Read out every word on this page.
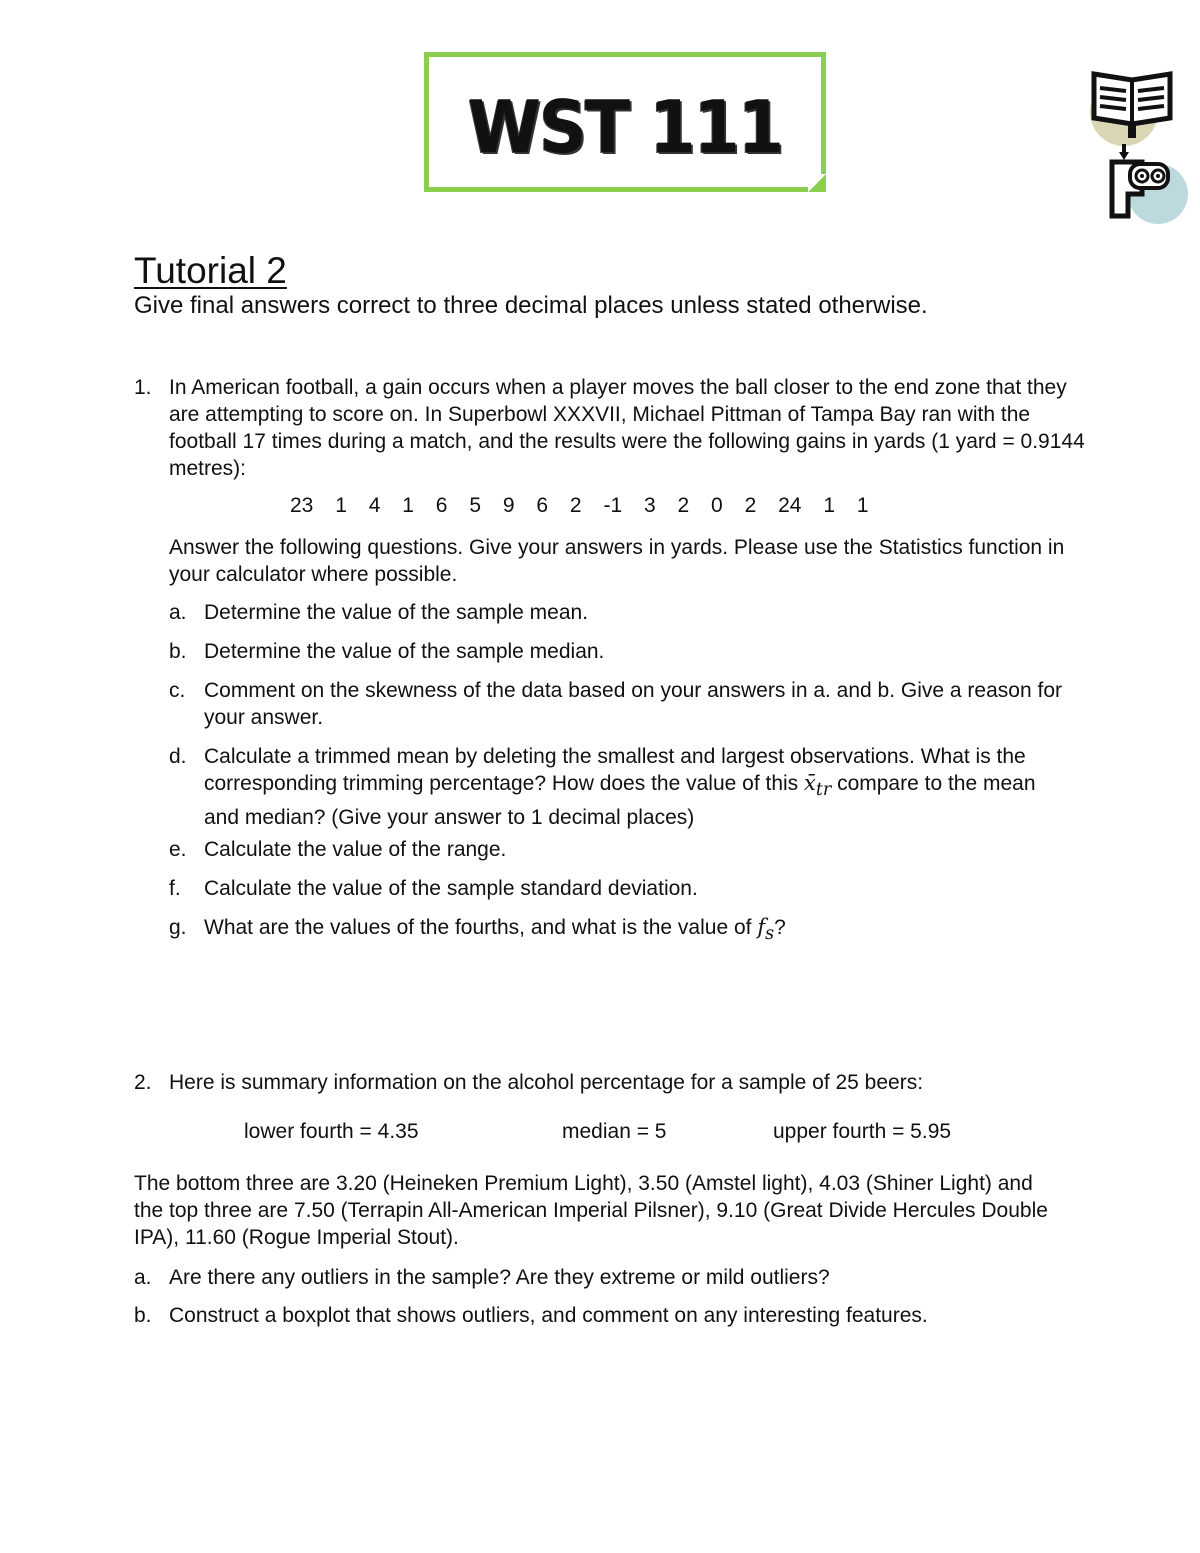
WST 111
Tutorial 2
Give final answers correct to three decimal places unless stated otherwise.
1. In American football, a gain occurs when a player moves the ball closer to the end zone that they are attempting to score on. In Superbowl XXXVII, Michael Pittman of Tampa Bay ran with the football 17 times during a match, and the results were the following gains in yards (1 yard = 0.9144 metres):
23 1 4 1 6 5 9 6 2 -1 3 2 0 2 24 1 1
Answer the following questions. Give your answers in yards. Please use the Statistics function in your calculator where possible.
a. Determine the value of the sample mean.
b. Determine the value of the sample median.
c. Comment on the skewness of the data based on your answers in a. and b. Give a reason for your answer.
d. Calculate a trimmed mean by deleting the smallest and largest observations. What is the corresponding trimming percentage? How does the value of this $x̄_{tr}$ compare to the mean and median? (Give your answer to 1 decimal places)
e. Calculate the value of the range.
f. Calculate the value of the sample standard deviation.
g. What are the values of the fourths, and what is the value of $f_s$?
2. Here is summary information on the alcohol percentage for a sample of 25 beers:
lower fourth = 4.35	median = 5	upper fourth = 5.95
The bottom three are 3.20 (Heineken Premium Light), 3.50 (Amstel light), 4.03 (Shiner Light) and the top three are 7.50 (Terrapin All-American Imperial Pilsner), 9.10 (Great Divide Hercules Double IPA), 11.60 (Rogue Imperial Stout).
a. Are there any outliers in the sample? Are they extreme or mild outliers?
b. Construct a boxplot that shows outliers, and comment on any interesting features.
